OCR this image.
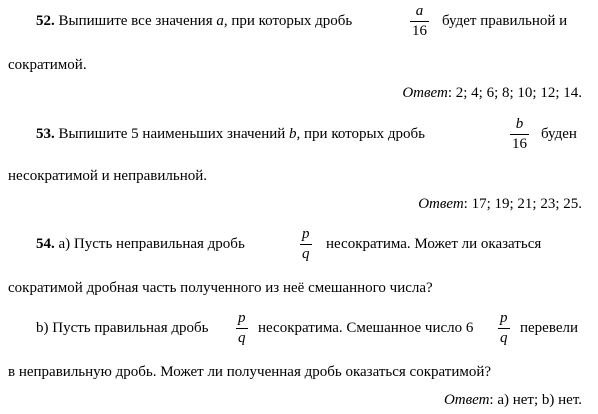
52. Выпишите все значения a, при которых дробь
a
16
будет правильной и
сократимой.
Ответ: 2; 4; 6; 8; 10; 12; 14.
53. Выпишите 5 наименьших значений b, при которых дробь
b
16
буден
несократимой и неправильной.
Ответ: 17; 19; 21; 23; 25.
54. а) Пусть неправильная дробь
p
q
несократима. Может ли оказаться
сократимой дробная часть полученного из неё смешанного числа?
b) Пусть правильная дробь
p
q
несократима. Смешанное число 6
p
q
перевели
в неправильную дробь. Может ли полученная дробь оказаться сократимой?
Ответ: а) нет; b) нет.
